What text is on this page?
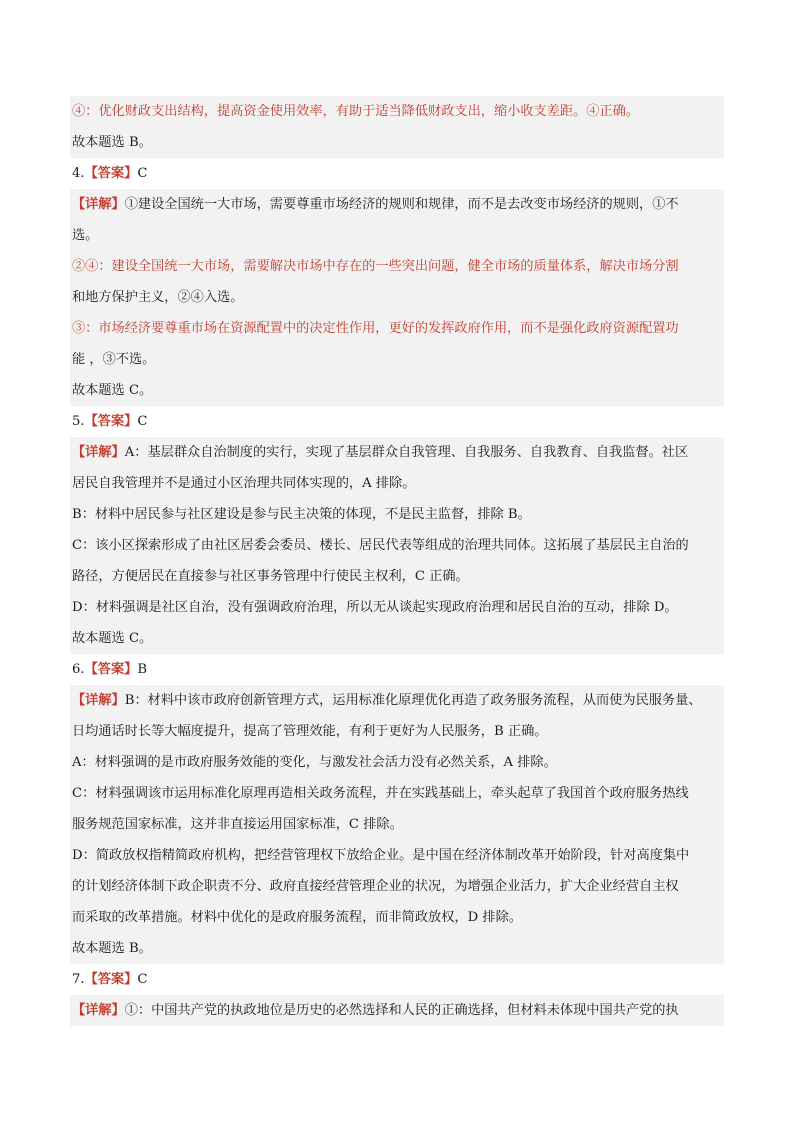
④：优化财政支出结构，提高资金使用效率，有助于适当降低财政支出，缩小收支差距。④正确。
故本题选 B。
4.【答案】C
【详解】①建设全国统一大市场，需要尊重市场经济的规则和规律，而不是去改变市场经济的规则，①不
选。
②④：建设全国统一大市场，需要解决市场中存在的一些突出问题，健全市场的质量体系，解决市场分割
和地方保护主义，②④入选。
③：市场经济要尊重市场在资源配置中的决定性作用，更好的发挥政府作用，而不是强化政府资源配置功
能 ，③不选。
故本题选 C。
5.【答案】C
【详解】A：基层群众自治制度的实行，实现了基层群众自我管理、自我服务、自我教育、自我监督。社区
居民自我管理并不是通过小区治理共同体实现的，A 排除。
B：材料中居民参与社区建设是参与民主决策的体现，不是民主监督，排除 B。
C：该小区探索形成了由社区居委会委员、楼长、居民代表等组成的治理共同体。这拓展了基层民主自治的
路径，方便居民在直接参与社区事务管理中行使民主权利，C 正确。
D：材料强调是社区自治，没有强调政府治理，所以无从谈起实现政府治理和居民自治的互动，排除 D。
故本题选 C。
6.【答案】B
【详解】B：材料中该市政府创新管理方式，运用标准化原理优化再造了政务服务流程，从而使为民服务量、
日均通话时长等大幅度提升，提高了管理效能，有利于更好为人民服务，B 正确。
A：材料强调的是市政府服务效能的变化，与激发社会活力没有必然关系，A 排除。
C：材料强调该市运用标准化原理再造相关政务流程，并在实践基础上，牵头起草了我国首个政府服务热线
服务规范国家标准，这并非直接运用国家标准，C 排除。
D：简政放权指精简政府机构，把经营管理权下放给企业。是中国在经济体制改革开始阶段，针对高度集中
的计划经济体制下政企职责不分、政府直接经营管理企业的状况，为增强企业活力，扩大企业经营自主权
而采取的改革措施。材料中优化的是政府服务流程，而非简政放权，D 排除。
故本题选 B。
7.【答案】C
【详解】①：中国共产党的执政地位是历史的必然选择和人民的正确选择，但材料未体现中国共产党的执
